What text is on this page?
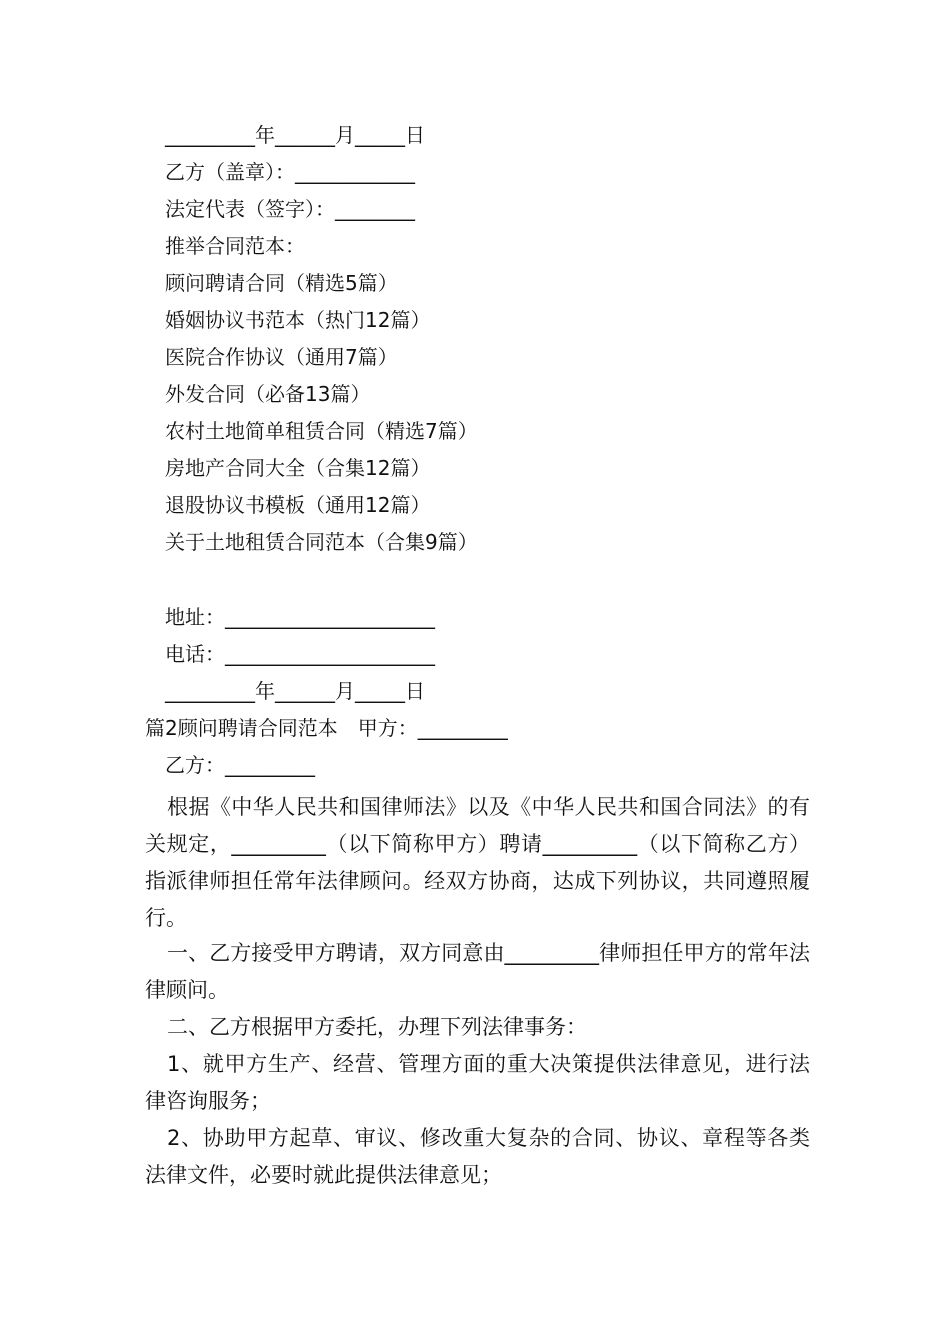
_________年______月_____日
乙方（盖章）：____________
法定代表（签字）：________
推举合同范本：
顾问聘请合同（精选5篇）
婚姻协议书范本（热门12篇）
医院合作协议（通用7篇）
外发合同（必备13篇）
农村土地简单租赁合同（精选7篇）
房地产合同大全（合集12篇）
退股协议书模板（通用12篇）
关于土地租赁合同范本（合集9篇）
地址：_____________________
电话：_____________________
_________年______月_____日
篇2顾问聘请合同范本　甲方：_________
乙方：_________
根据《中华人民共和国律师法》以及《中华人民共和国合同法》的有关规定，_________（以下简称甲方）聘请_________（以下简称乙方）指派律师担任常年法律顾问。经双方协商，达成下列协议，共同遵照履行。
一、乙方接受甲方聘请，双方同意由_________律师担任甲方的常年法律顾问。
二、乙方根据甲方委托，办理下列法律事务：
1、就甲方生产、经营、管理方面的重大决策提供法律意见，进行法律咨询服务；
2、协助甲方起草、审议、修改重大复杂的合同、协议、章程等各类法律文件，必要时就此提供法律意见；
